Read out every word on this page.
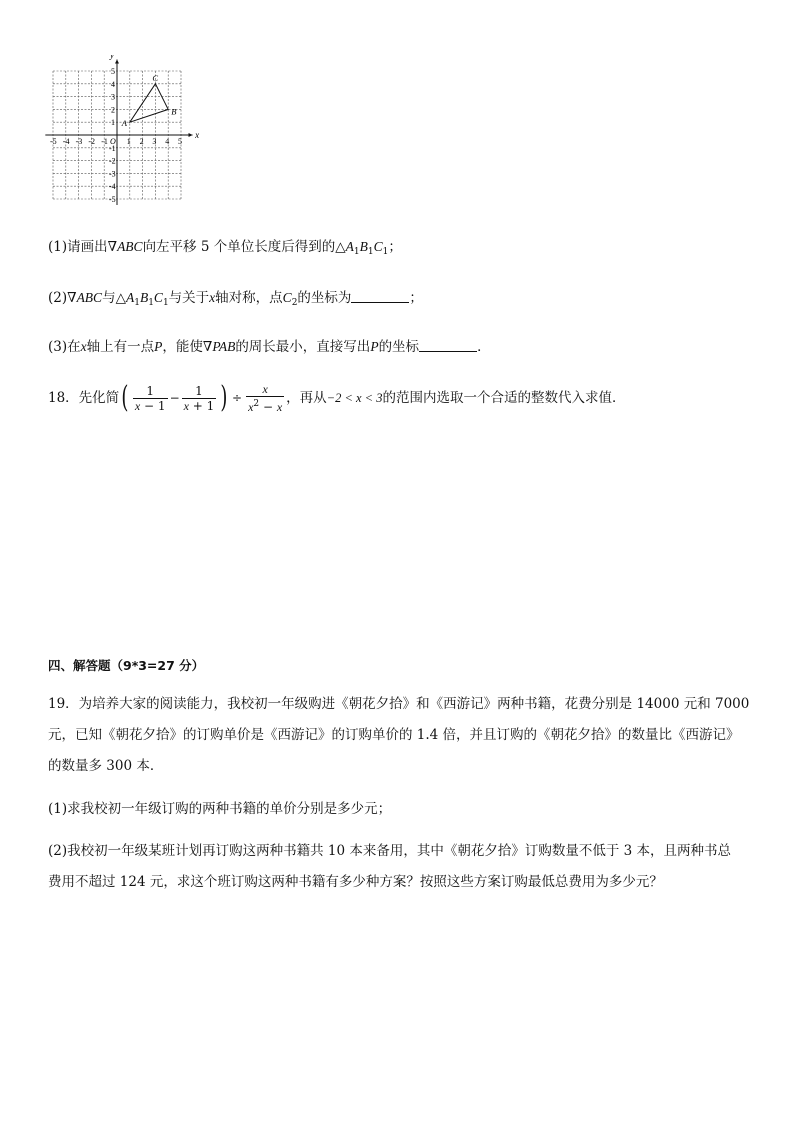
x
y
-5 -4 -3 -2 -1 1 2 3 4 5
5
4
3
2
1
-1
-2
-3
-4
-5
O
A
B
C
(1)请画出∇ABC向左平移 5 个单位长度后得到的$\triangle A_1B_1C_1$；
(2)∇ABC与$\triangle A_1B_1C_1$与关于x轴对称，点$C_2$的坐标为	；
(3)在x轴上有一点P，能使∇PAB的周长最小，直接写出P的坐标	．
18．先化简 ( $\frac{1}{x - 1} - \frac{1}{x + 1}$ ) ÷ $\frac{x}{x^2 - x}$ ，再从 −2 < x < 3 的范围内选取一个合适的整数代入求值．
四、解答题（9*3=27 分）
19．为培养大家的阅读能力，我校初一年级购进《朝花夕拾》和《西游记》两种书籍，花费分别是 14000 元和 7000
元，已知《朝花夕拾》的订购单价是《西游记》的订购单价的 1.4 倍，并且订购的《朝花夕拾》的数量比《西游记》
的数量多 300 本．
(1)求我校初一年级订购的两种书籍的单价分别是多少元；
(2)我校初一年级某班计划再订购这两种书籍共 10 本来备用，其中《朝花夕拾》订购数量不低于 3 本，且两种书总
费用不超过 124 元，求这个班订购这两种书籍有多少种方案？按照这些方案订购最低总费用为多少元？
